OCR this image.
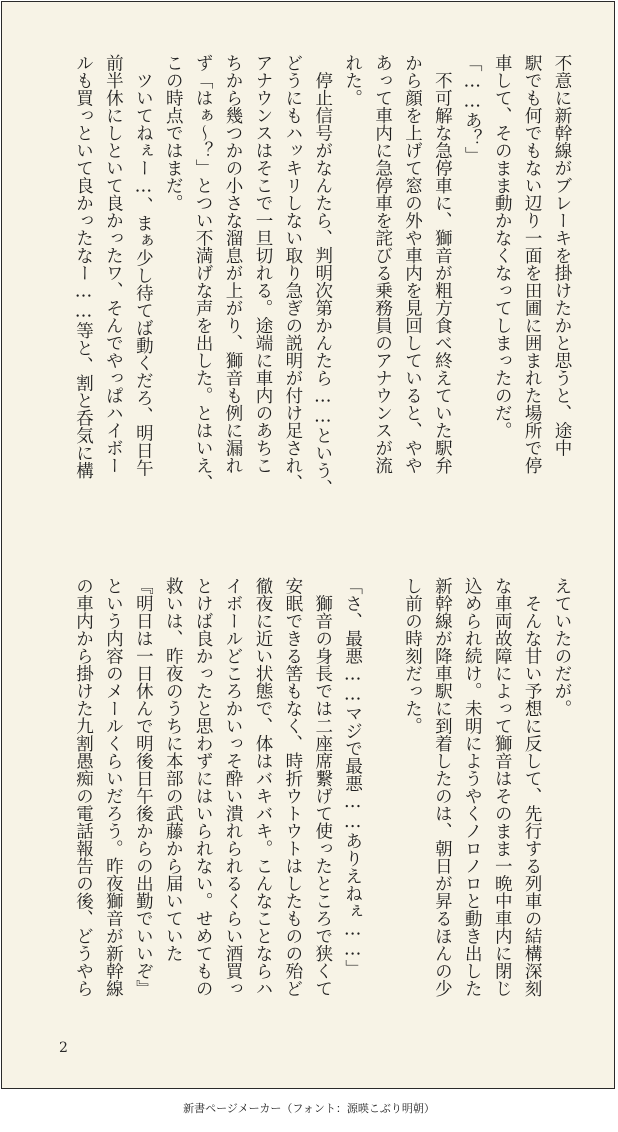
不意に新幹線がブレーキを掛けたかと思うと、途中
駅でも何でもない辺り一面を田圃に囲まれた場所で停
車して、そのまま動かなくなってしまったのだ。
「……あ？」
　不可解な急停車に、獅音が粗方食べ終えていた駅弁
から顔を上げて窓の外や車内を見回していると、やや
あって車内に急停車を詫びる乗務員のアナウンスが流
れた。
　停止信号がなんたら、判明次第かんたら……という、
どうにもハッキリしない取り急ぎの説明が付け足され、
アナウンスはそこで一旦切れる。途端に車内のあちこ
ちから幾つかの小さな溜息が上がり、獅音も例に漏れ
ず「はぁ〜？」とつい不満げな声を出した。とはいえ、
この時点ではまだ。
　ツいてねぇー…、まぁ少し待てば動くだろ、明日午
前半休にしといて良かったワ、そんでやっぱハイボー
ルも買っといて良かったなー……等と、割と呑気に構
えていたのだが。
　そんな甘い予想に反して、先行する列車の結構深刻
な車両故障によって獅音はそのまま一晩中車内に閉じ
込められ続け。未明にようやくノロノロと動き出した
新幹線が降車駅に到着したのは、朝日が昇るほんの少
し前の時刻だった。

「さ、最悪……マジで最悪……ありえねぇ……」
　獅音の身長では二座席繋げて使ったところで狭くて
安眠できる筈もなく、時折ウトウトはしたものの殆ど
徹夜に近い状態で、体はバキバキ。こんなことならハ
イボールどころかいっそ酔い潰れられるくらい酒買っ
とけば良かったと思わずにはいられない。せめてもの
救いは、昨夜のうちに本部の武藤から届いていた
『明日は一日休んで明後日午後からの出勤でいいぞ』
という内容のメールくらいだろう。昨夜獅音が新幹線
の車内から掛けた九割愚痴の電話報告の後、どうやら
2
新書ページメーカー（フォント：源暎こぶり明朝）
